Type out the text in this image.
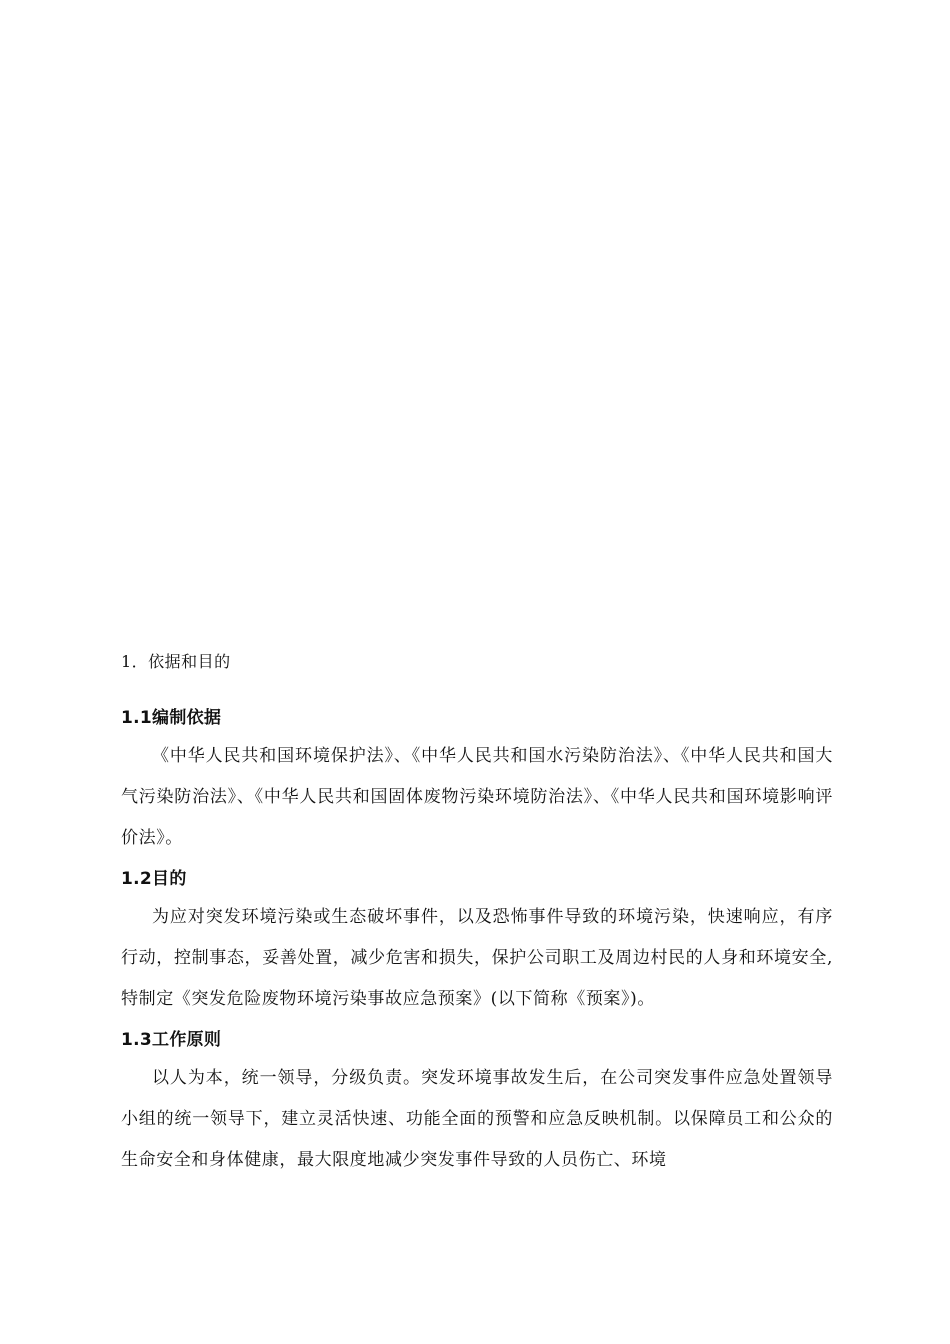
1．依据和目的
1.1编制依据

《中华人民共和国环境保护法》、《中华人民共和国水污染防治法》、《中华人民共和国大气污染防治法》、《中华人民共和国固体废物污染环境防治法》、《中华人民共和国环境影响评价法》。

1.2目的

为应对突发环境污染或生态破坏事件，以及恐怖事件导致的环境污染，快速响应，有序行动，控制事态，妥善处置，减少危害和损失，保护公司职工及周边村民的人身和环境安全,特制定《突发危险废物环境污染事故应急预案》(以下简称《预案》)。

1.3工作原则

以人为本，统一领导，分级负责。突发环境事故发生后，在公司突发事件应急处置领导小组的统一领导下，建立灵活快速、功能全面的预警和应急反映机制。以保障员工和公众的生命安全和身体健康，最大限度地减少突发事件导致的人员伤亡、环境
